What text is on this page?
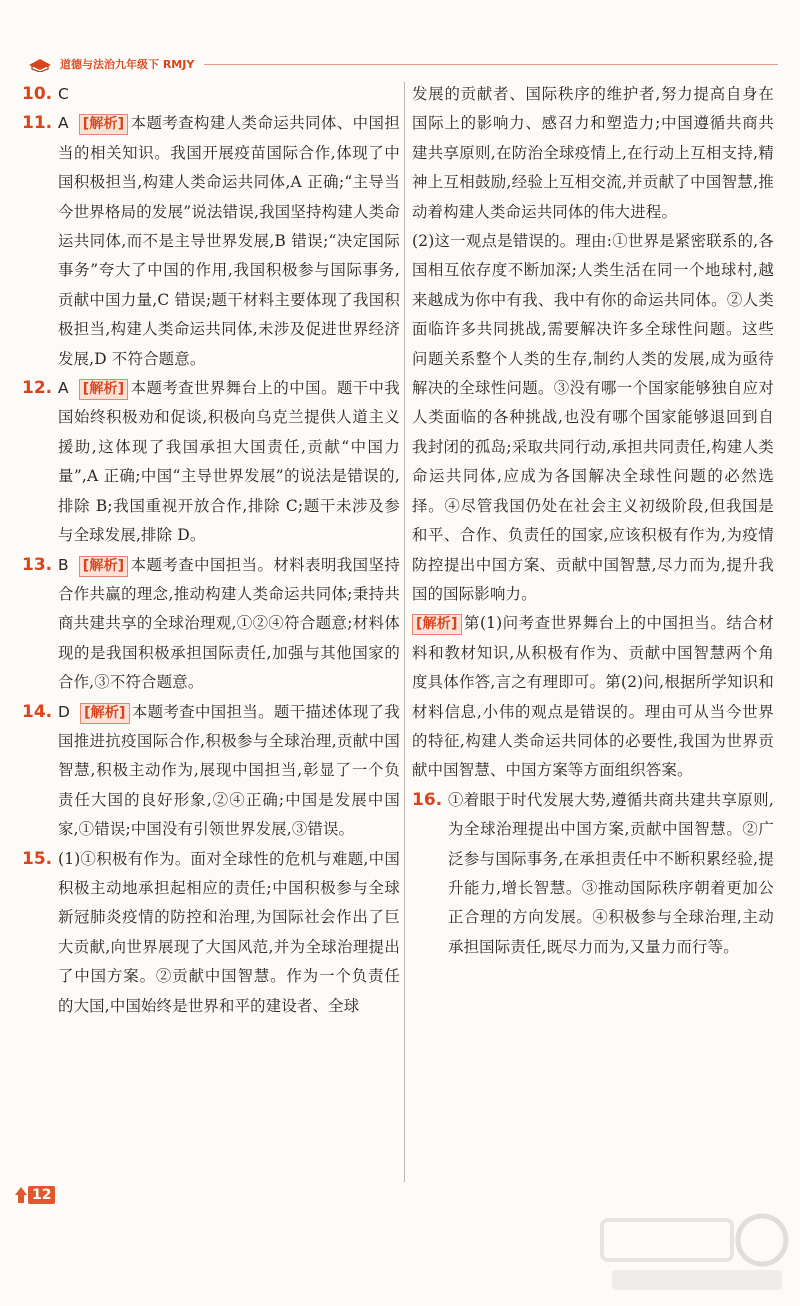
道德与法治九年级下 RMJY
10. C
11. A [解析] 本题考查构建人类命运共同体、中国担当的相关知识。我国开展疫苗国际合作,体现了中国积极担当,构建人类命运共同体,A 正确;“主导当今世界格局的发展”说法错误,我国坚持构建人类命运共同体,而不是主导世界发展,B 错误;“决定国际事务”夸大了中国的作用,我国积极参与国际事务,贡献中国力量,C 错误;题干材料主要体现了我国积极担当,构建人类命运共同体,未涉及促进世界经济发展,D 不符合题意。
12. A [解析] 本题考查世界舞台上的中国。题干中我国始终积极劝和促谈,积极向乌克兰提供人道主义援助,这体现了我国承担大国责任,贡献“中国力量”,A 正确;中国“主导世界发展”的说法是错误的,排除 B;我国重视开放合作,排除 C;题干未涉及参与全球发展,排除 D。
13. B [解析] 本题考查中国担当。材料表明我国坚持合作共赢的理念,推动构建人类命运共同体;秉持共商共建共享的全球治理观,①②④符合题意;材料体现的是我国积极承担国际责任,加强与其他国家的合作,③不符合题意。
14. D [解析] 本题考查中国担当。题干描述体现了我国推进抗疫国际合作,积极参与全球治理,贡献中国智慧,积极主动作为,展现中国担当,彰显了一个负责任大国的良好形象,②④正确;中国是发展中国家,①错误;中国没有引领世界发展,③错误。
15. (1)①积极有作为。面对全球性的危机与难题,中国积极主动地承担起相应的责任;中国积极参与全球新冠肺炎疫情的防控和治理,为国际社会作出了巨大贡献,向世界展现了大国风范,并为全球治理提出了中国方案。②贡献中国智慧。作为一个负责任的大国,中国始终是世界和平的建设者、全球
发展的贡献者、国际秩序的维护者,努力提高自身在国际上的影响力、感召力和塑造力;中国遵循共商共建共享原则,在防治全球疫情上,在行动上互相支持,精神上互相鼓励,经验上互相交流,并贡献了中国智慧,推动着构建人类命运共同体的伟大进程。
(2)这一观点是错误的。理由:①世界是紧密联系的,各国相互依存度不断加深;人类生活在同一个地球村,越来越成为你中有我、我中有你的命运共同体。②人类面临许多共同挑战,需要解决许多全球性问题。这些问题关系整个人类的生存,制约人类的发展,成为亟待解决的全球性问题。③没有哪一个国家能够独自应对人类面临的各种挑战,也没有哪个国家能够退回到自我封闭的孤岛;采取共同行动,承担共同责任,构建人类命运共同体,应成为各国解决全球性问题的必然选择。④尽管我国仍处在社会主义初级阶段,但我国是和平、合作、负责任的国家,应该积极有作为,为疫情防控提出中国方案、贡献中国智慧,尽力而为,提升我国的国际影响力。
[解析] 第(1)问考查世界舞台上的中国担当。结合材料和教材知识,从积极有作为、贡献中国智慧两个角度具体作答,言之有理即可。第(2)问,根据所学知识和材料信息,小伟的观点是错误的。理由可从当今世界的特征,构建人类命运共同体的必要性,我国为世界贡献中国智慧、中国方案等方面组织答案。
16. ①着眼于时代发展大势,遵循共商共建共享原则,为全球治理提出中国方案,贡献中国智慧。②广泛参与国际事务,在承担责任中不断积累经验,提升能力,增长智慧。③推动国际秩序朝着更加公正合理的方向发展。④积极参与全球治理,主动承担国际责任,既尽力而为,又量力而行等。
12
